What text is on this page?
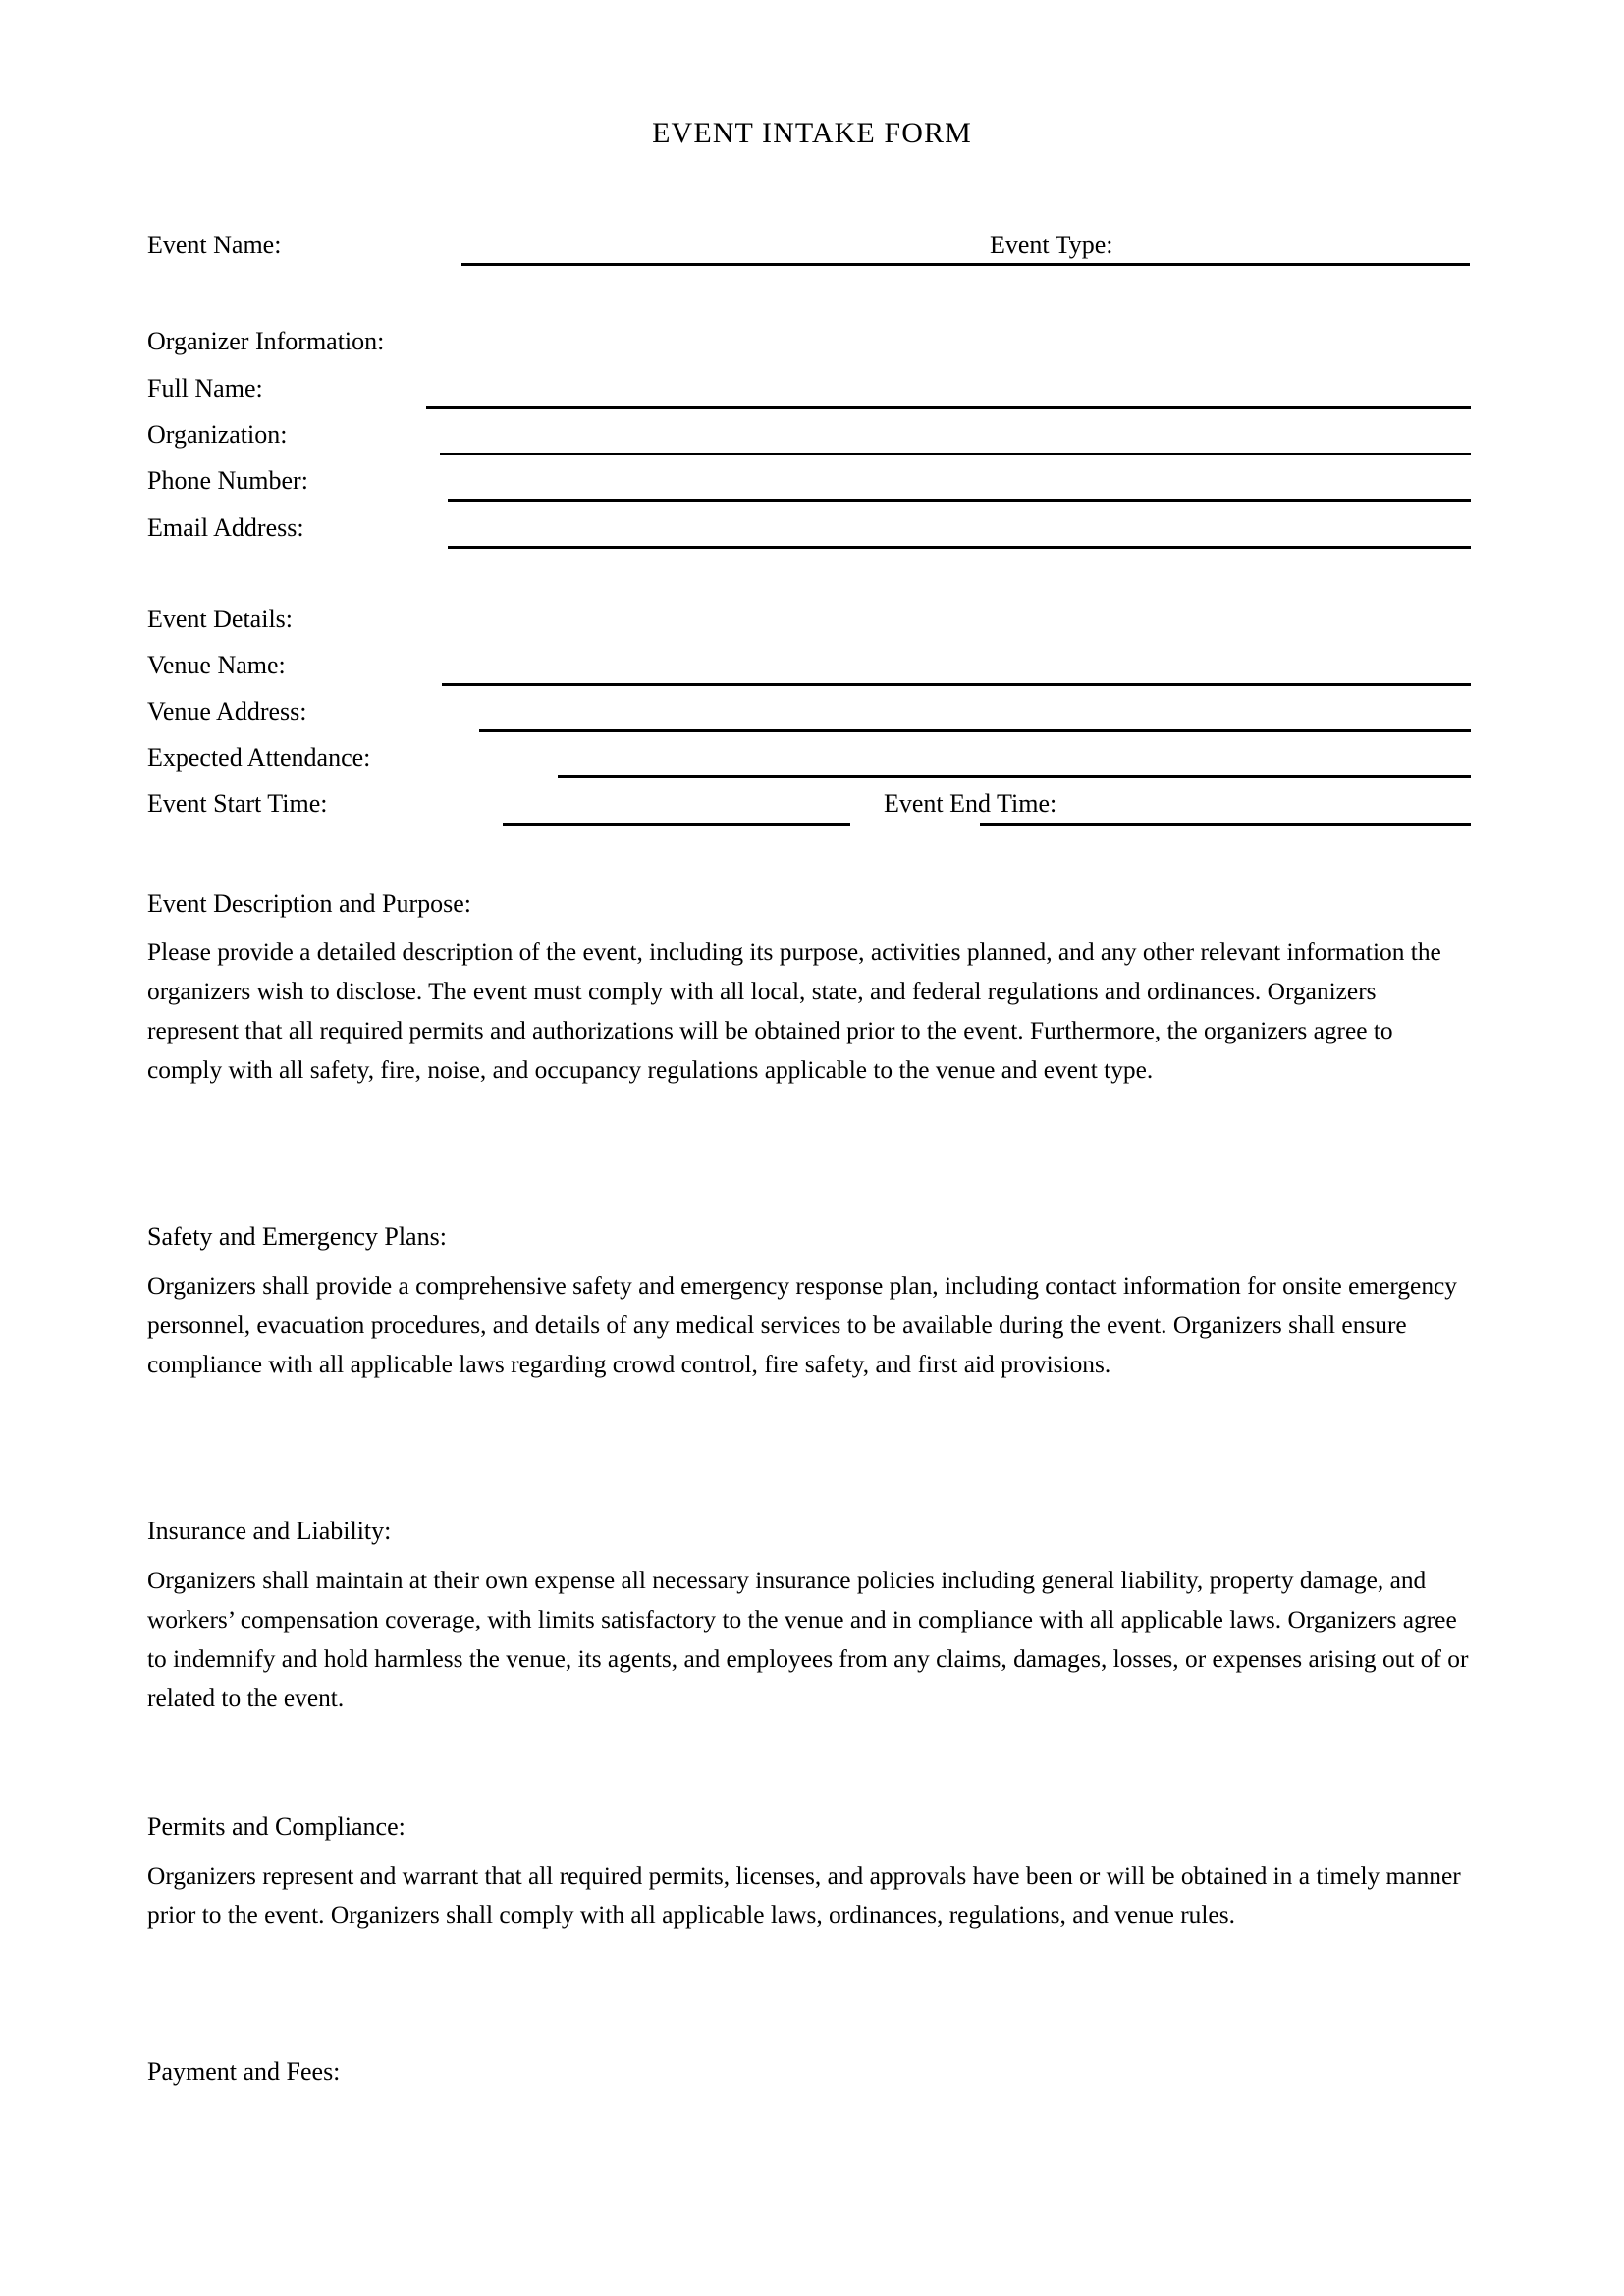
EVENT INTAKE FORM
Event Name:	Event Type:
Organizer Information:
Full Name:
Organization:
Phone Number:
Email Address:
Event Details:
Venue Name:
Venue Address:
Expected Attendance:
Event Start Time:	Event End Time:
Event Description and Purpose:
Please provide a detailed description of the event, including its purpose, activities planned, and any other relevant information the organizers wish to disclose. The event must comply with all local, state, and federal regulations and ordinances. Organizers represent that all required permits and authorizations will be obtained prior to the event. Furthermore, the organizers agree to comply with all safety, fire, noise, and occupancy regulations applicable to the venue and event type.
Safety and Emergency Plans:
Organizers shall provide a comprehensive safety and emergency response plan, including contact information for onsite emergency personnel, evacuation procedures, and details of any medical services to be available during the event. Organizers shall ensure compliance with all applicable laws regarding crowd control, fire safety, and first aid provisions.
Insurance and Liability:
Organizers shall maintain at their own expense all necessary insurance policies including general liability, property damage, and workers’ compensation coverage, with limits satisfactory to the venue and in compliance with all applicable laws. Organizers agree to indemnify and hold harmless the venue, its agents, and employees from any claims, damages, losses, or expenses arising out of or related to the event.
Permits and Compliance:
Organizers represent and warrant that all required permits, licenses, and approvals have been or will be obtained in a timely manner prior to the event. Organizers shall comply with all applicable laws, ordinances, regulations, and venue rules.
Payment and Fees:
